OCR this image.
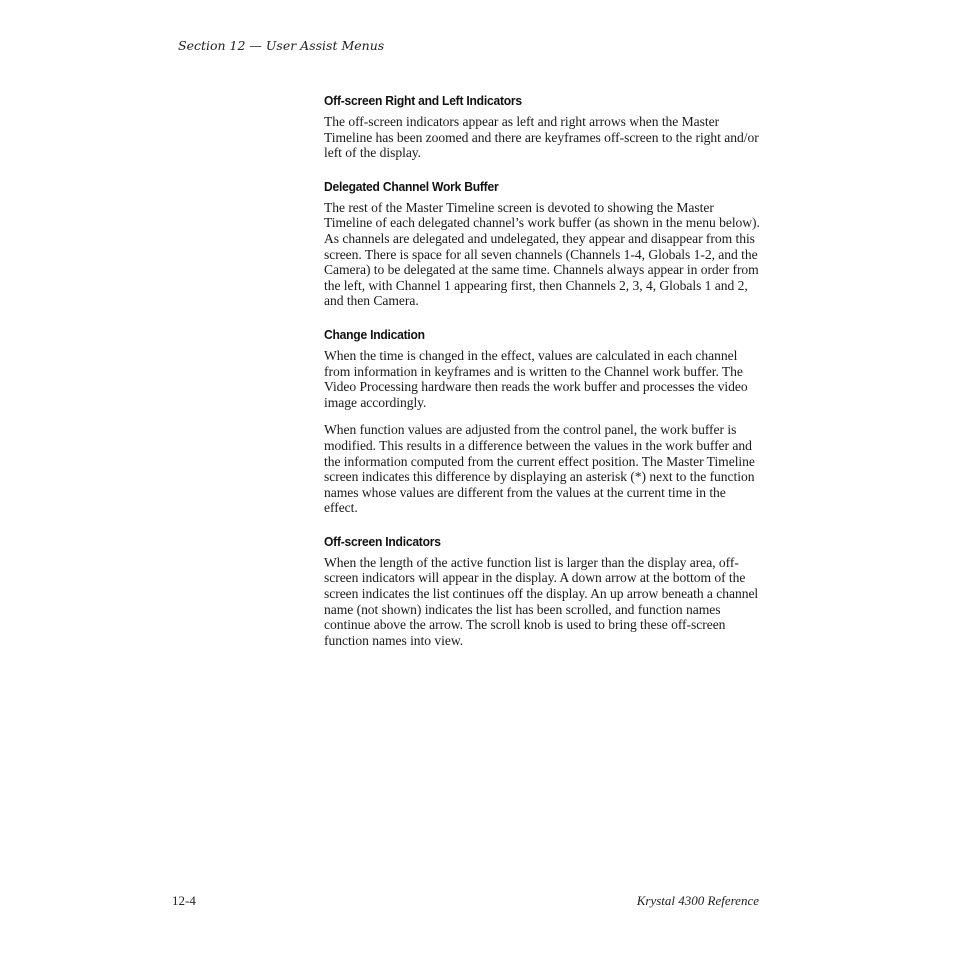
Section 12 — User Assist Menus
Off-screen Right and Left Indicators

The off-screen indicators appear as left and right arrows when the Master Timeline has been zoomed and there are keyframes off-screen to the right and/or left of the display.

Delegated Channel Work Buffer

The rest of the Master Timeline screen is devoted to showing the Master Timeline of each delegated channel’s work buffer (as shown in the menu below). As channels are delegated and undelegated, they appear and disappear from this screen. There is space for all seven channels (Channels 1-4, Globals 1-2, and the Camera) to be delegated at the same time. Channels always appear in order from the left, with Channel 1 appearing first, then Channels 2, 3, 4, Globals 1 and 2, and then Camera.

Change Indication

When the time is changed in the effect, values are calculated in each channel from information in keyframes and is written to the Channel work buffer. The Video Processing hardware then reads the work buffer and processes the video image accordingly.

When function values are adjusted from the control panel, the work buffer is modified. This results in a difference between the values in the work buffer and the information computed from the current effect position. The Master Timeline screen indicates this difference by displaying an asterisk (*) next to the function names whose values are different from the values at the current time in the effect.

Off-screen Indicators

When the length of the active function list is larger than the display area, off-screen indicators will appear in the display. A down arrow at the bottom of the screen indicates the list continues off the display. An up arrow beneath a channel name (not shown) indicates the list has been scrolled, and function names continue above the arrow. The scroll knob is used to bring these off-screen function names into view.

12-4	Krystal 4300 Reference
